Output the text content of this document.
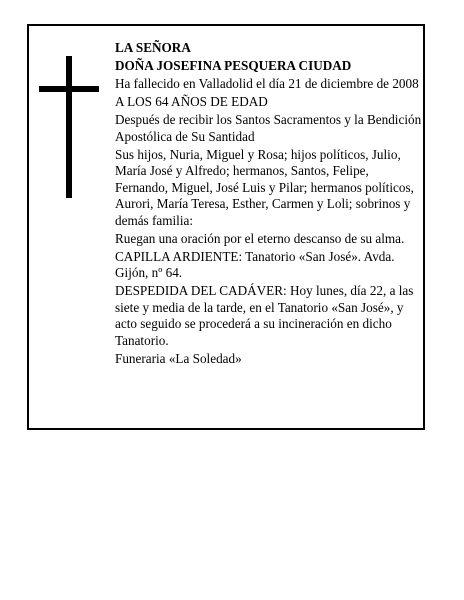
LA SEÑORA

DOÑA JOSEFINA PESQUERA CIUDAD

Ha fallecido en Valladolid el día 21 de diciembre de 2008

A LOS 64 AÑOS DE EDAD

Después de recibir los Santos Sacramentos y la Bendición Apostólica de Su Santidad

Sus hijos, Nuria, Miguel y Rosa; hijos políticos, Julio, María José y Alfredo; hermanos, Santos, Felipe, Fernando, Miguel, José Luis y Pilar; hermanos políticos, Aurori, María Teresa, Esther, Carmen y Loli; sobrinos y demás familia:

Ruegan una oración por el eterno descanso de su alma.

CAPILLA ARDIENTE: Tanatorio «San José». Avda. Gijón, nº 64.

DESPEDIDA DEL CADÁVER: Hoy lunes, día 22, a las siete y media de la tarde, en el Tanatorio «San José», y acto seguido se procederá a su incineración en dicho Tanatorio.

Funeraria «La Soledad»
